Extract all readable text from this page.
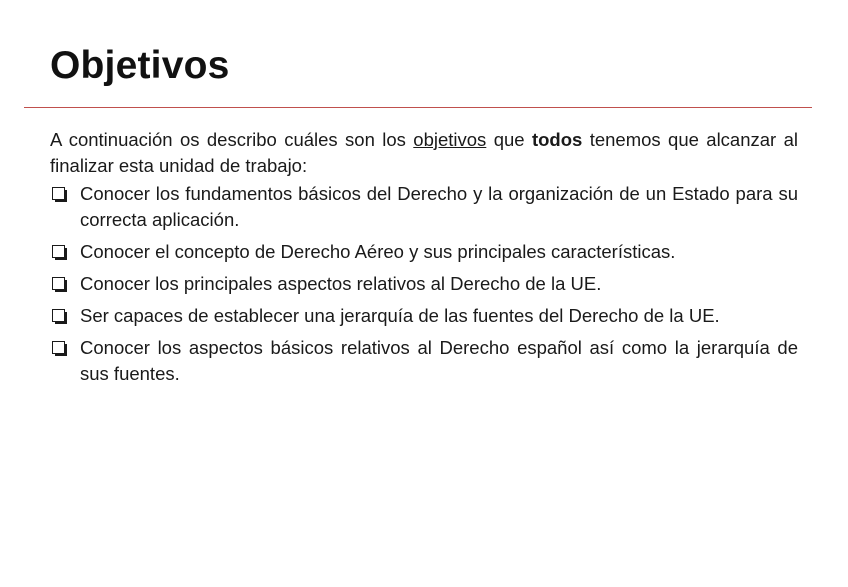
Objetivos

A continuación os describo cuáles son los objetivos que todos tenemos que alcanzar al finalizar esta unidad de trabajo:

Conocer los fundamentos básicos del Derecho y la organización de un Estado para su correcta aplicación.
Conocer el concepto de Derecho Aéreo y sus principales características.
Conocer los principales aspectos relativos al Derecho de la UE.
Ser capaces de establecer una jerarquía de las fuentes del Derecho de la UE.
Conocer los aspectos básicos relativos al Derecho español así como la jerarquía de sus fuentes.
